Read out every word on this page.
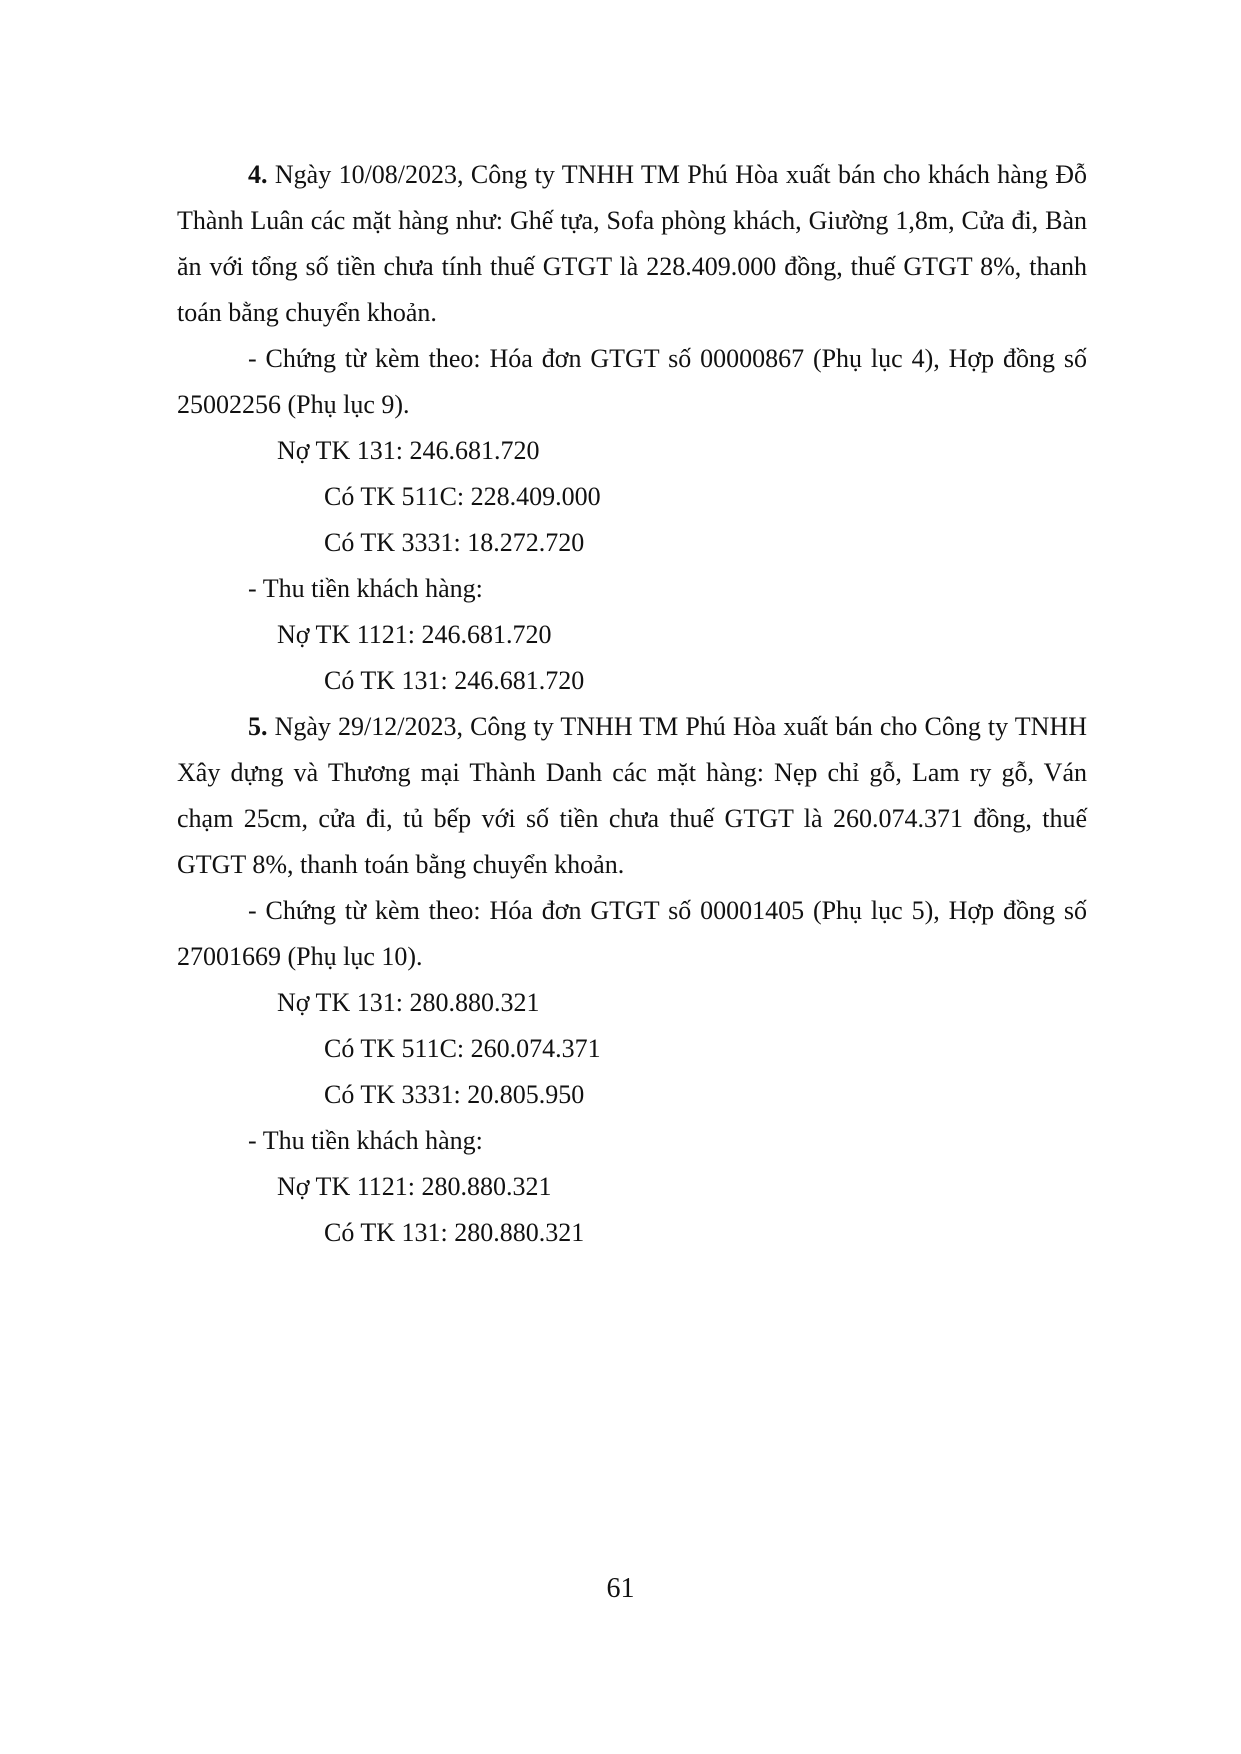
4. Ngày 10/08/2023, Công ty TNHH TM Phú Hòa xuất bán cho khách hàng Đỗ Thành Luân các mặt hàng như: Ghế tựa, Sofa phòng khách, Giường 1,8m, Cửa đi, Bàn ăn với tổng số tiền chưa tính thuế GTGT là 228.409.000 đồng, thuế GTGT 8%, thanh toán bằng chuyển khoản.

- Chứng từ kèm theo: Hóa đơn GTGT số 00000867 (Phụ lục 4), Hợp đồng số 25002256 (Phụ lục 9).

Nợ TK 131: 246.681.720

Có TK 511C: 228.409.000

Có TK 3331: 18.272.720

- Thu tiền khách hàng:

Nợ TK 1121: 246.681.720

Có TK 131: 246.681.720

5. Ngày 29/12/2023, Công ty TNHH TM Phú Hòa xuất bán cho Công ty TNHH Xây dựng và Thương mại Thành Danh các mặt hàng: Nẹp chỉ gỗ, Lam ry gỗ, Ván chạm 25cm, cửa đi, tủ bếp với số tiền chưa thuế GTGT là 260.074.371 đồng, thuế GTGT 8%, thanh toán bằng chuyển khoản.

- Chứng từ kèm theo: Hóa đơn GTGT số 00001405 (Phụ lục 5), Hợp đồng số 27001669 (Phụ lục 10).

Nợ TK 131: 280.880.321

Có TK 511C: 260.074.371

Có TK 3331: 20.805.950

- Thu tiền khách hàng:

Nợ TK 1121: 280.880.321

Có TK 131: 280.880.321

61
